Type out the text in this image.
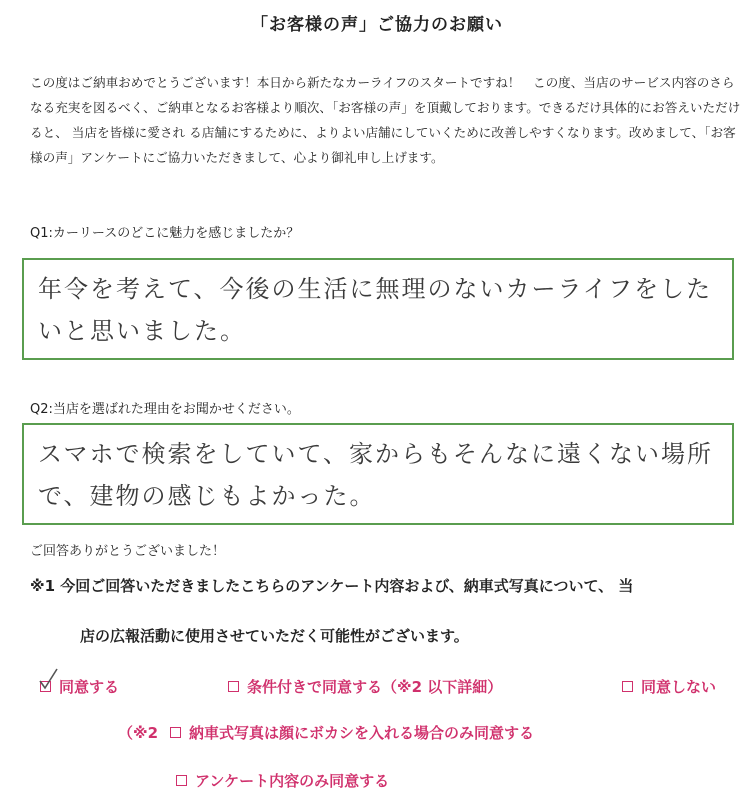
「お客様の声」ご協力のお願い
この度はご納車おめでとうございます！本日から新たなカーライフのスタートですね！　この度、当店のサービス内容のさらなる充実を図るべく、ご納車となるお客様より順次、「お客様の声」を頂戴しております。できるだけ具体的にお答えいただけると、 当店を皆様に愛され る店舗にするために、よりよい店舗にしていくために改善しやすくなります。改めまして、「お客様の声」アンケートにご協力いただきまして、心より御礼申し上げます。
Q1:カーリースのどこに魅力を感じましたか？
年令を考えて、今後の生活に無理のないカーライフをしたいと思いました。
Q2:当店を選ばれた理由をお聞かせください。
スマホで検索をしていて、家からもそんなに遠くない場所で、建物の感じもよかった。
ご回答ありがとうございました！
※1 今回ご回答いただきましたこちらのアンケート内容および、納車式写真について、 当
店の広報活動に使用させていただく可能性がございます。
同意する	条件付きで同意する（※2 以下詳細）	同意しない
（※2 納車式写真は顔にボカシを入れる場合のみ同意する
アンケート内容のみ同意する
